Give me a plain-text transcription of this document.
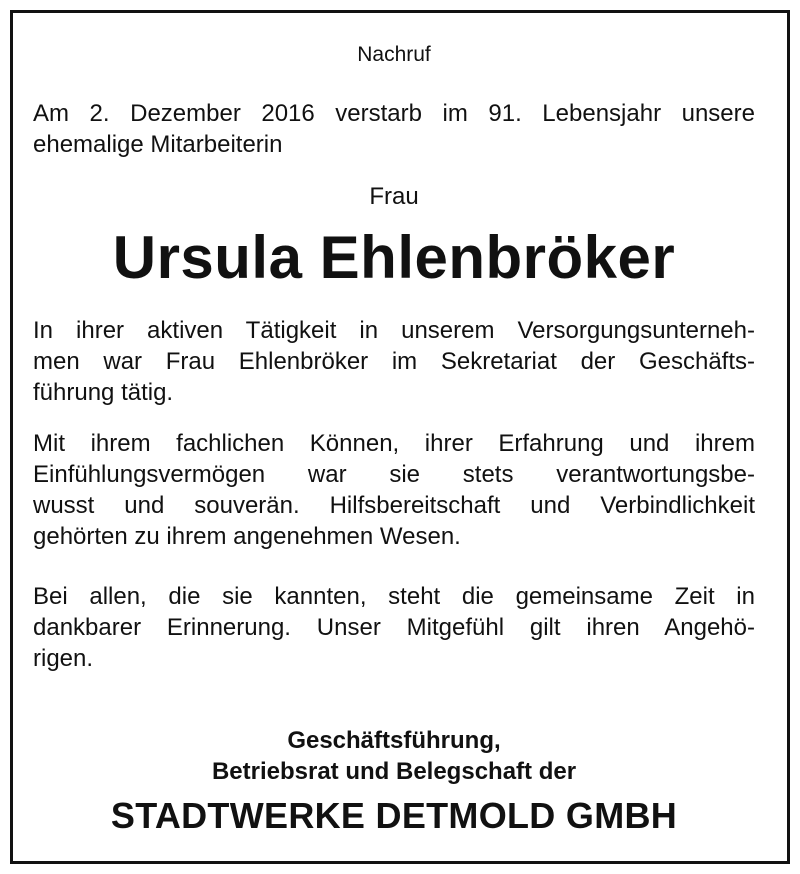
Nachruf
Am 2. Dezember 2016 verstarb im 91. Lebensjahr unsere
ehemalige Mitarbeiterin
Frau
Ursula Ehlenbröker
In ihrer aktiven Tätigkeit in unserem Versorgungsunterneh-
men war Frau Ehlenbröker im Sekretariat der Geschäfts-
führung tätig.
Mit ihrem fachlichen Können, ihrer Erfahrung und ihrem
Einfühlungsvermögen war sie stets verantwortungsbe-
wusst und souverän. Hilfsbereitschaft und Verbindlichkeit
gehörten zu ihrem angenehmen Wesen.
Bei allen, die sie kannten, steht die gemeinsame Zeit in
dankbarer Erinnerung. Unser Mitgefühl gilt ihren Angehö-
rigen.
Geschäftsführung,
Betriebsrat und Belegschaft der
STADTWERKE DETMOLD GMBH
